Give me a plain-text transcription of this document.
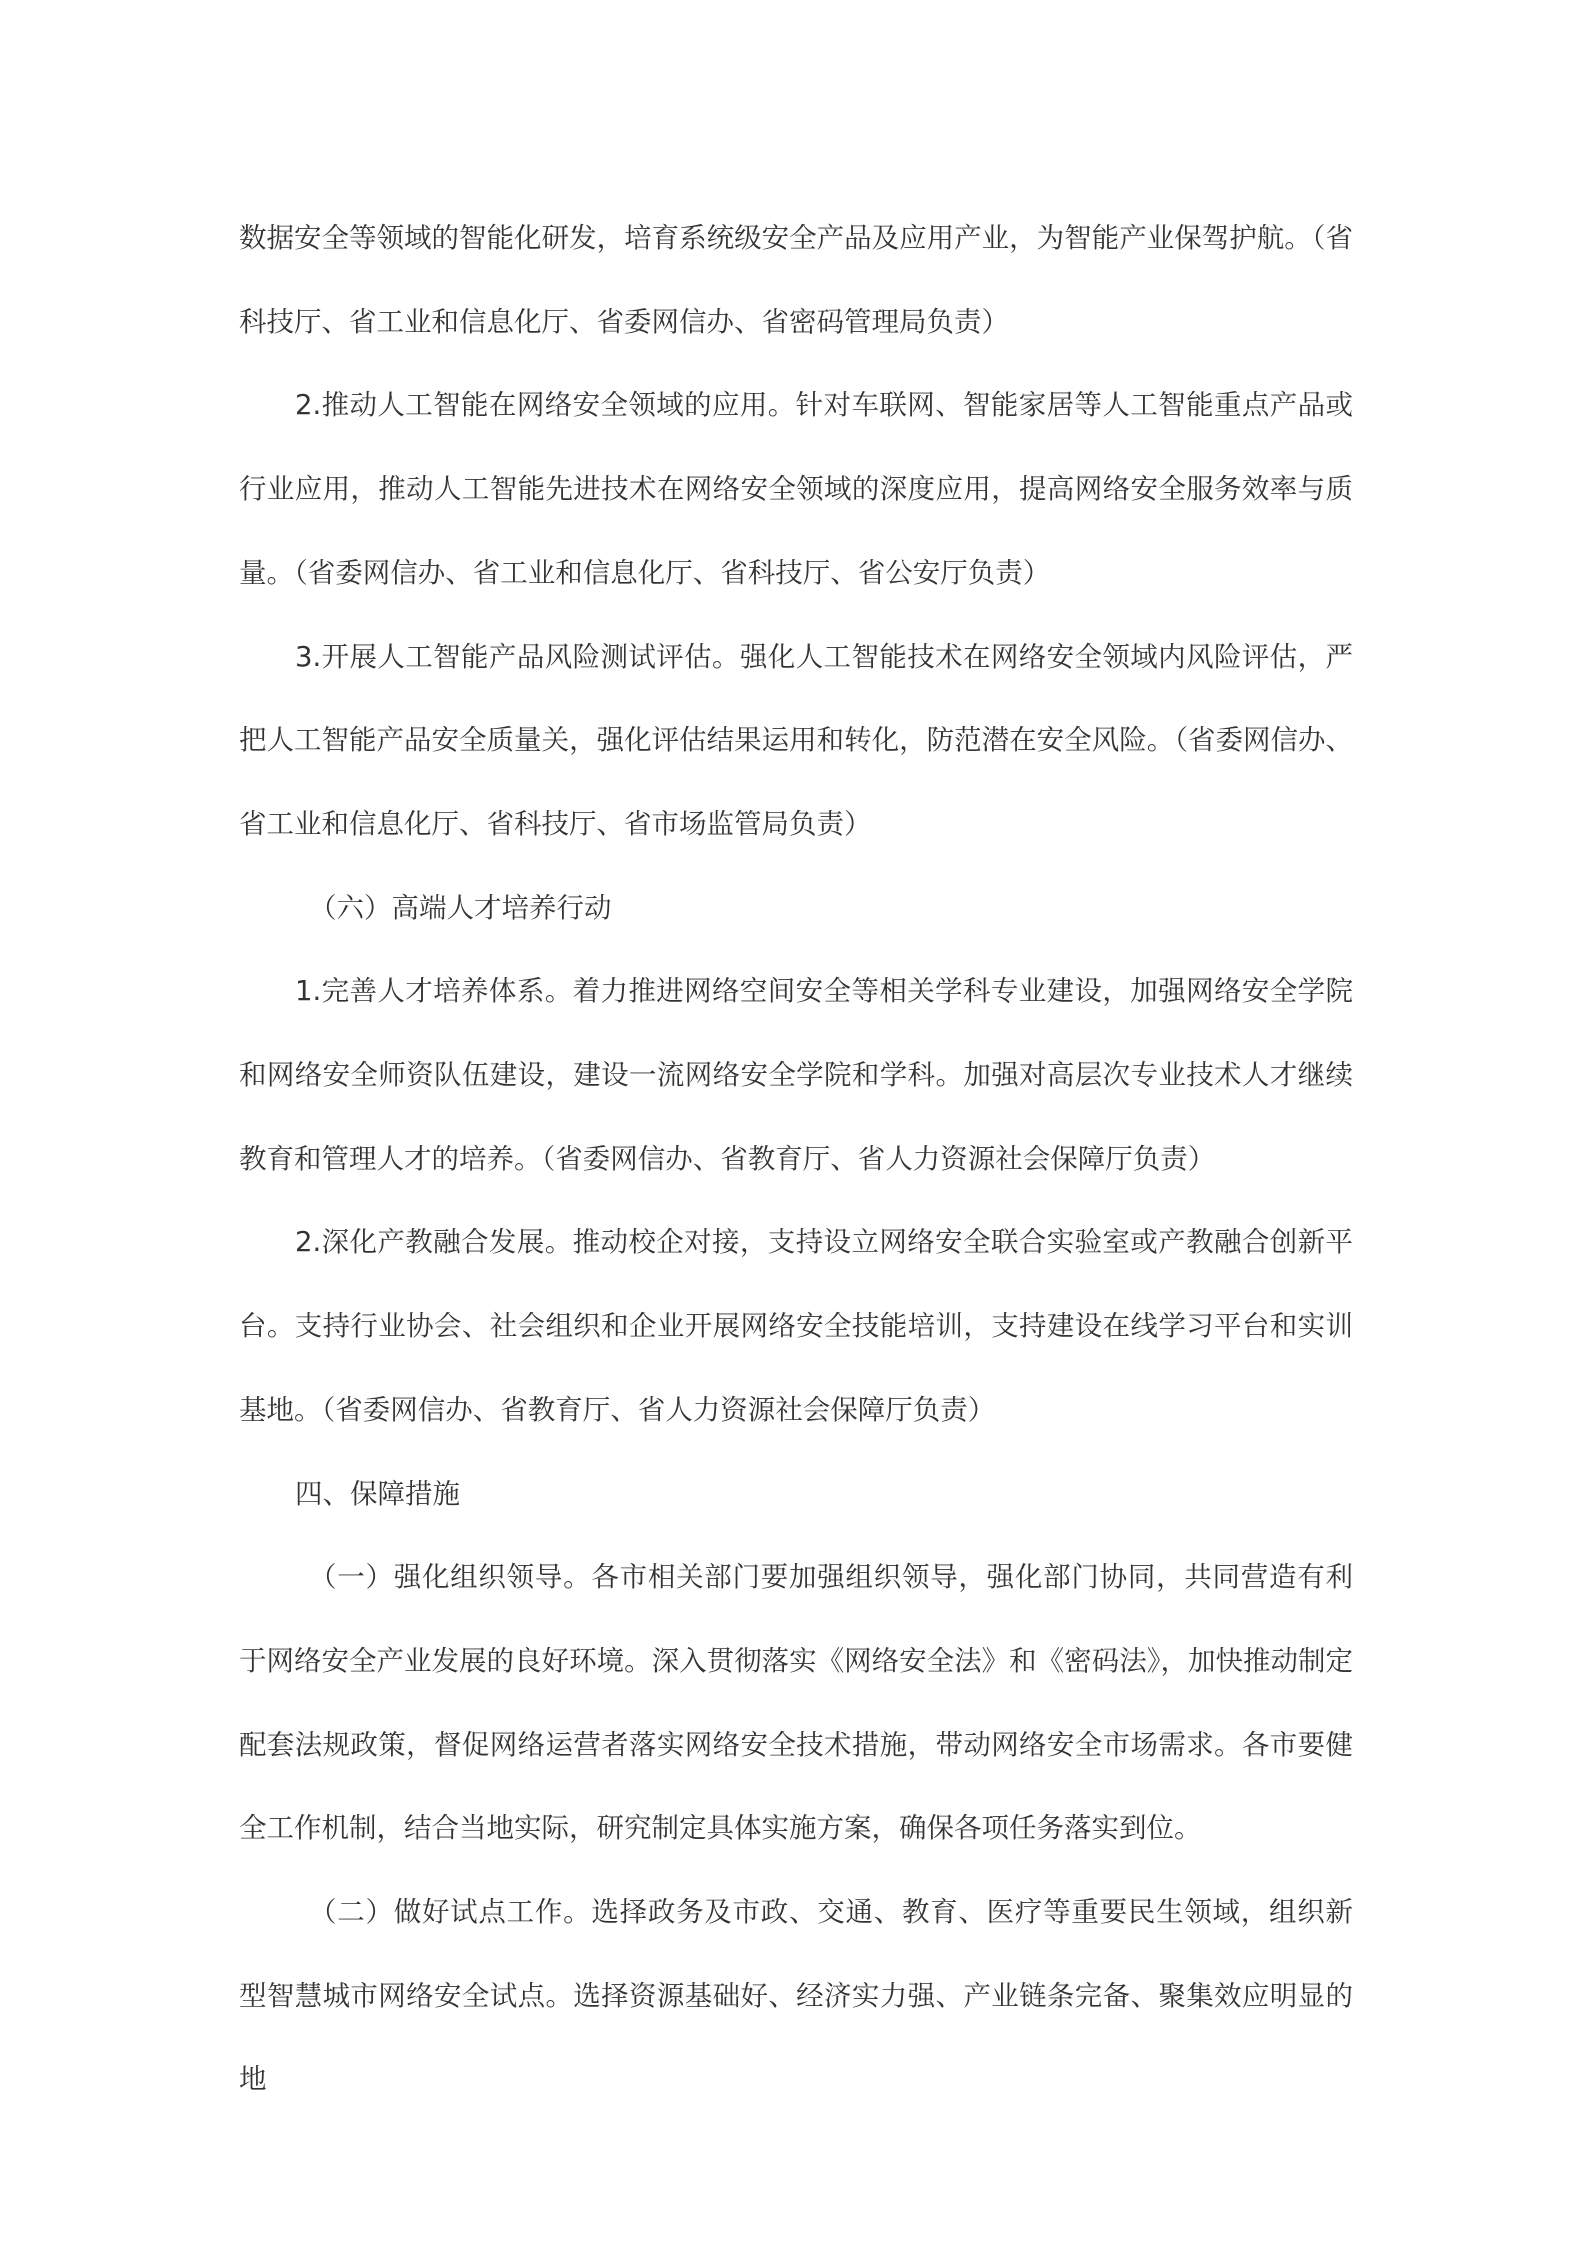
数据安全等领域的智能化研发，培育系统级安全产品及应用产业，为智能产业保驾护航。（省科技厅、省工业和信息化厅、省委网信办、省密码管理局负责）

2.推动人工智能在网络安全领域的应用。针对车联网、智能家居等人工智能重点产品或行业应用，推动人工智能先进技术在网络安全领域的深度应用，提高网络安全服务效率与质量。（省委网信办、省工业和信息化厅、省科技厅、省公安厅负责）

3.开展人工智能产品风险测试评估。强化人工智能技术在网络安全领域内风险评估，严把人工智能产品安全质量关，强化评估结果运用和转化，防范潜在安全风险。（省委网信办、省工业和信息化厅、省科技厅、省市场监管局负责）

（六）高端人才培养行动

1.完善人才培养体系。着力推进网络空间安全等相关学科专业建设，加强网络安全学院和网络安全师资队伍建设，建设一流网络安全学院和学科。加强对高层次专业技术人才继续教育和管理人才的培养。（省委网信办、省教育厅、省人力资源社会保障厅负责）

2.深化产教融合发展。推动校企对接，支持设立网络安全联合实验室或产教融合创新平台。支持行业协会、社会组织和企业开展网络安全技能培训，支持建设在线学习平台和实训基地。（省委网信办、省教育厅、省人力资源社会保障厅负责）

四、保障措施

（一）强化组织领导。各市相关部门要加强组织领导，强化部门协同，共同营造有利于网络安全产业发展的良好环境。深入贯彻落实《网络安全法》和《密码法》，加快推动制定配套法规政策，督促网络运营者落实网络安全技术措施，带动网络安全市场需求。各市要健全工作机制，结合当地实际，研究制定具体实施方案，确保各项任务落实到位。

（二）做好试点工作。选择政务及市政、交通、教育、医疗等重要民生领域，组织新型智慧城市网络安全试点。选择资源基础好、经济实力强、产业链条完备、聚集效应明显的地
